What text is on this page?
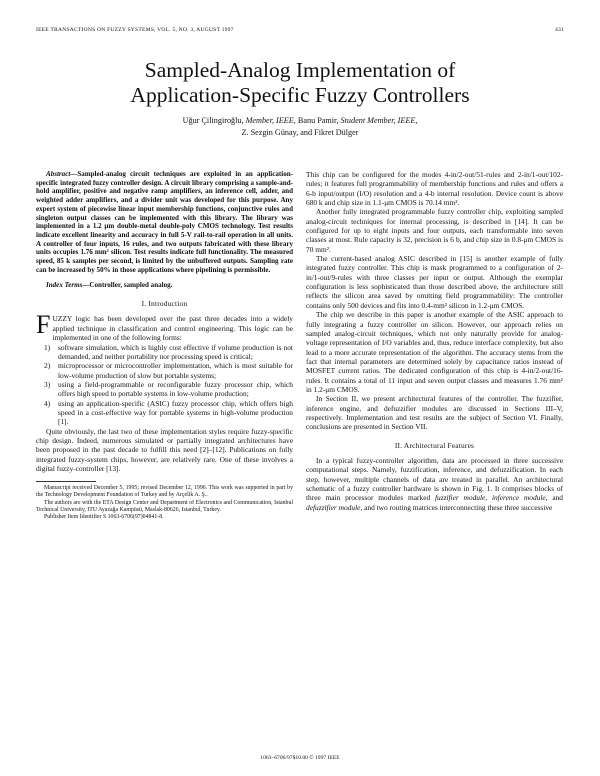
IEEE TRANSACTIONS ON FUZZY SYSTEMS, VOL. 5, NO. 3, AUGUST 1997	431
Sampled-Analog Implementation of
Application-Specific Fuzzy Controllers
Uğur Çilingiroğlu, Member, IEEE, Banu Pamir, Student Member, IEEE,
Z. Sezgin Günay, and Fikret Dülger

Abstract—Sampled-analog circuit techniques are exploited in an application-specific integrated fuzzy controller design. A circuit library comprising a sample-and-hold amplifier, positive and negative ramp amplifiers, an inference cell, adder, and weighted adder amplifiers, and a divider unit was developed for this purpose. Any expert system of piecewise linear input membership functions, conjunctive rules and singleton output classes can be implemented with this library. The library was implemented in a 1.2 μm double-metal double-poly CMOS technology. Test results indicate excellent linearity and accuracy in full 5-V rail-to-rail operation in all units. A controller of four inputs, 16 rules, and two outputs fabricated with these library units occupies 1.76 mm² silicon. Test results indicate full functionality. The measured speed, 85 k samples per second, is limited by the unbuffered outputs. Sampling rate can be increased by 50% in those applications where pipelining is permissible.

Index Terms—Controller, sampled analog.

I. Introduction

FUZZY logic has been developed over the past three decades into a widely applied technique in classification and control engineering. This logic can be implemented in one of the following forms:

1) software simulation, which is highly cost effective if volume production is not demanded, and neither portability nor processing speed is critical;
2) microprocessor or microcontroller implementation, which is most suitable for low-volume production of slow but portable systems;
3) using a field-programmable or reconfigurable fuzzy processor chip, which offers high speed to portable systems in low-volume production;
4) using an application-specific (ASIC) fuzzy processor chip, which offers high speed in a cost-effective way for portable systems in high-volume production [1].

Quite obviously, the last two of these implementation styles require fuzzy-specific chip design. Indeed, numerous simulated or partially integrated architectures have been proposed in the past decade to fulfill this need [2]–[12]. Publications on fully integrated fuzzy-system chips, however, are relatively rare. One of these involves a digital fuzzy-controller [13].

Manuscript received December 5, 1995; revised December 12, 1996. This work was supported in part by the Technology Development Foundation of Turkey and by Arçelik A. Ş..

The authors are with the ETA Design Center and Department of Electronics and Communication, Istanbul Technical University, ITU Ayazağa Kampüsü, Maslak-80626, Istanbul, Turkey.

Publisher Item Identifier S 1063-6706(97)04841-8.

This chip can be configured for the modes 4-in/2-out/51-rules and 2-in/1-out/102-rules; it features full programmability of membership functions and rules and offers a 6-b input/output (I/O) resolution and a 4-b internal resolution. Device count is above 680 k and chip size in 1.1-μm CMOS is 70.14 mm².

Another fully integrated programmable fuzzy controller chip, exploiting sampled analog-circuit techniques for internal processing, is described in [14]. It can be configured for up to eight inputs and four outputs, each transformable into seven classes at most. Rule capacity is 32, precision is 6 b, and chip size in 0.8-μm CMOS is 70 mm².

The current-based analog ASIC described in [15] is another example of fully integrated fuzzy controller. This chip is mask programmed to a configuration of 2-in/1-out/9-rules with three classes per input or output. Although the exemplar configuration is less sophisticated than those described above, the architecture still reflects the silicon area saved by omitting field programmability: The controller contains only 500 devices and fits into 0.4-mm² silicon in 1.2-μm CMOS.

The chip we describe in this paper is another example of the ASIC approach to fully integrating a fuzzy controller on silicon. However, our approach relies on sampled analog-circuit techniques, which not only naturally provide for analog-voltage representation of I/O variables and, thus, reduce interface complexity, but also lead to a more accurate representation of the algorithm. The accuracy stems from the fact that internal parameters are determined solely by capacitance ratios instead of MOSFET current ratios. The dedicated configuration of this chip is 4-in/2-out/16-rules. It contains a total of 11 input and seven output classes and measures 1.76 mm² in 1.2-μm CMOS.

In Section II, we present architectural features of the controller. The fuzzifier, inference engine, and defuzzifier modules are discussed in Sections III–V, respectively. Implementation and test results are the subject of Section VI. Finally, conclusions are presented in Section VII.

II. Architectural Features

In a typical fuzzy-controller algorithm, data are processed in three successive computational steps. Namely, fuzzification, inference, and defuzzification. In each step, however, multiple channels of data are treated in parallel. An architectural schematic of a fuzzy controller hardware is shown in Fig. 1. It comprises blocks of three main processor modules marked fuzzifier module, inference module, and defuzzifier module, and two routing matrices interconnecting these three successive

1063–6706/97$10.00 © 1997 IEEE
